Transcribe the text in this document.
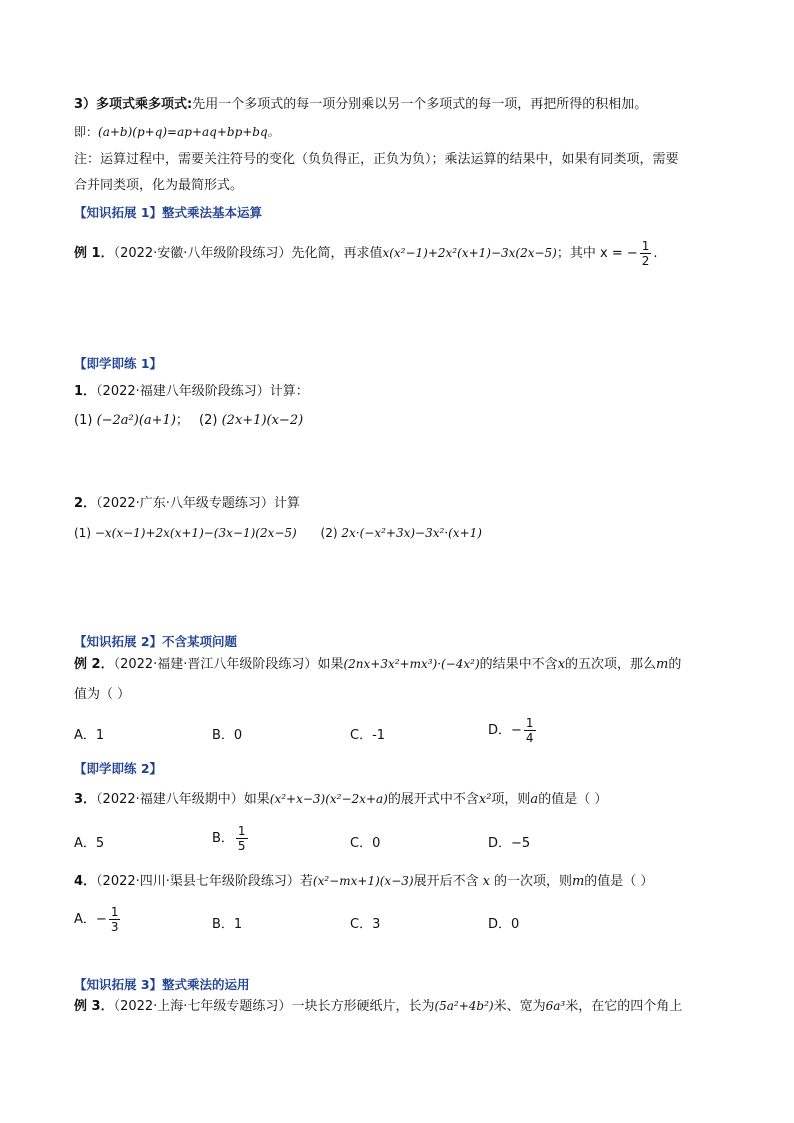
3）多项式乘多项式:先用一个多项式的每一项分别乘以另一个多项式的每一项，再把所得的积相加。
即：(a+b)(p+q)=ap+aq+bp+bq。
注：运算过程中，需要关注符号的变化（负负得正，正负为负）；乘法运算的结果中，如果有同类项，需要
合并同类项，化为最简形式。
【知识拓展 1】整式乘法基本运算
例 1．（2022·安徽·八年级阶段练习）先化简，再求值x(x²−1)+2x²(x+1)−3x(2x−5)；其中 x = − $\frac{1}{2}$ .
【即学即练 1】
1．（2022·福建八年级阶段练习）计算：
(1) (−2a²)(a+1)； (2) (2x+1)(x−2)
2．（2022·广东·八年级专题练习）计算
(1) −x(x−1)+2x(x+1)−(3x−1)(2x−5) (2) 2x·(−x²+3x)−3x²·(x+1)
【知识拓展 2】不含某项问题
例 2．（2022·福建·晋江八年级阶段练习）如果(2nx+3x²+mx³)·(−4x²)的结果中不含x的五次项，那么m的
值为（ ）
A．1	B．0	C．-1	D．− $\frac{1}{4}$
【即学即练 2】
3．（2022·福建八年级期中）如果(x²+x−3)(x²−2x+a)的展开式中不含x²项，则a的值是（ ）
A．5	B． $\frac{1}{5}$	C．0	D．−5
4．（2022·四川·渠县七年级阶段练习）若(x²−mx+1)(x−3)展开后不含 x 的一次项，则m的值是（ ）
A．− $\frac{1}{3}$	B．1	C．3	D．0
【知识拓展 3】整式乘法的运用
例 3．（2022·上海·七年级专题练习）一块长方形硬纸片，长为(5a²+4b²)米、宽为6a³米，在它的四个角上
